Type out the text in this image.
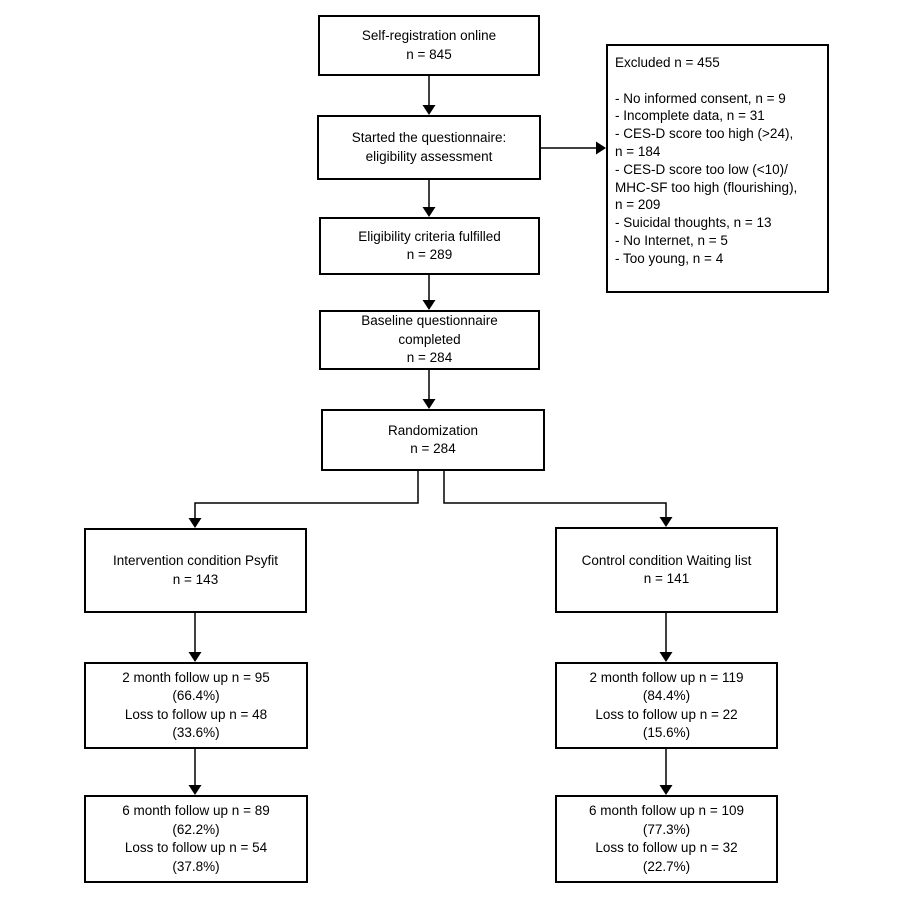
Self-registration online
n = 845
Started the questionnaire:
eligibility assessment
Excluded n = 455
- No informed consent, n = 9
- Incomplete data, n = 31
- CES-D score too high (>24),
n = 184
- CES-D score too low (<10)/
MHC-SF too high (flourishing),
n = 209
- Suicidal thoughts, n = 13
- No Internet, n = 5
- Too young, n = 4
Eligibility criteria fulfilled
n = 289
Baseline questionnaire
completed
n = 284
Randomization
n = 284
Intervention condition Psyfit
n = 143
Control condition Waiting list
n = 141
2 month follow up n = 95
(66.4%)
Loss to follow up n = 48
(33.6%)
2 month follow up n = 119
(84.4%)
Loss to follow up n = 22
(15.6%)
6 month follow up n = 89
(62.2%)
Loss to follow up n = 54
(37.8%)
6 month follow up n = 109
(77.3%)
Loss to follow up n = 32
(22.7%)
